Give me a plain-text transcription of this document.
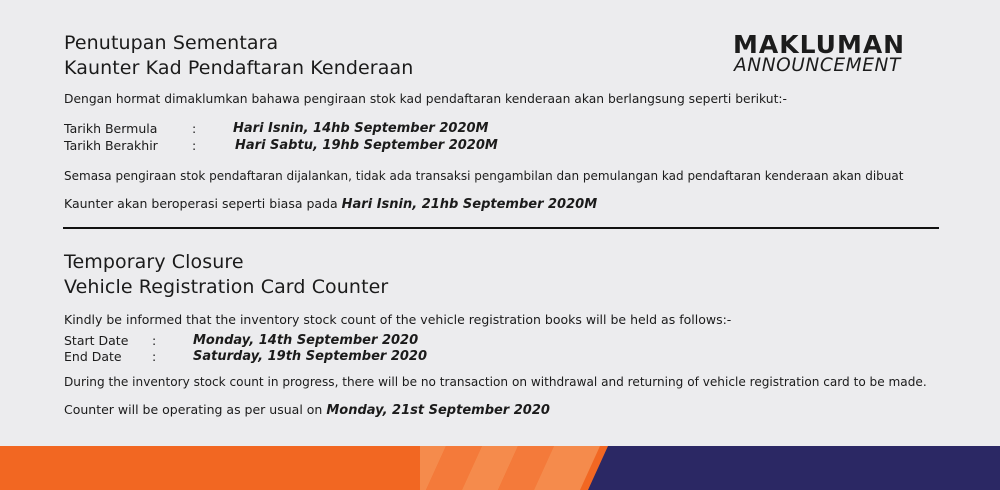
MAKLUMAN
ANNOUNCEMENT
Penutupan Sementara
Kaunter Kad Pendaftaran Kenderaan
Dengan hormat dimaklumkan bahawa pengiraan stok kad pendaftaran kenderaan akan berlangsung seperti berikut:-
Tarikh Bermula	:	Hari Isnin, 14hb September 2020M
Tarikh Berakhir	:	Hari Sabtu, 19hb September 2020M
Semasa pengiraan stok pendaftaran dijalankan, tidak ada transaksi pengambilan dan pemulangan kad pendaftaran kenderaan akan dibuat
Kaunter akan beroperasi seperti biasa pada Hari Isnin, 21hb September 2020M
Temporary Closure
Vehicle Registration Card Counter
Kindly be informed that the inventory stock count of the vehicle registration books will be held as follows:-
Start Date :	Monday, 14th September 2020
End Date :	Saturday, 19th September 2020
During the inventory stock count in progress, there will be no transaction on withdrawal and returning of vehicle registration card to be made.
Counter will be operating as per usual on Monday, 21st September 2020
